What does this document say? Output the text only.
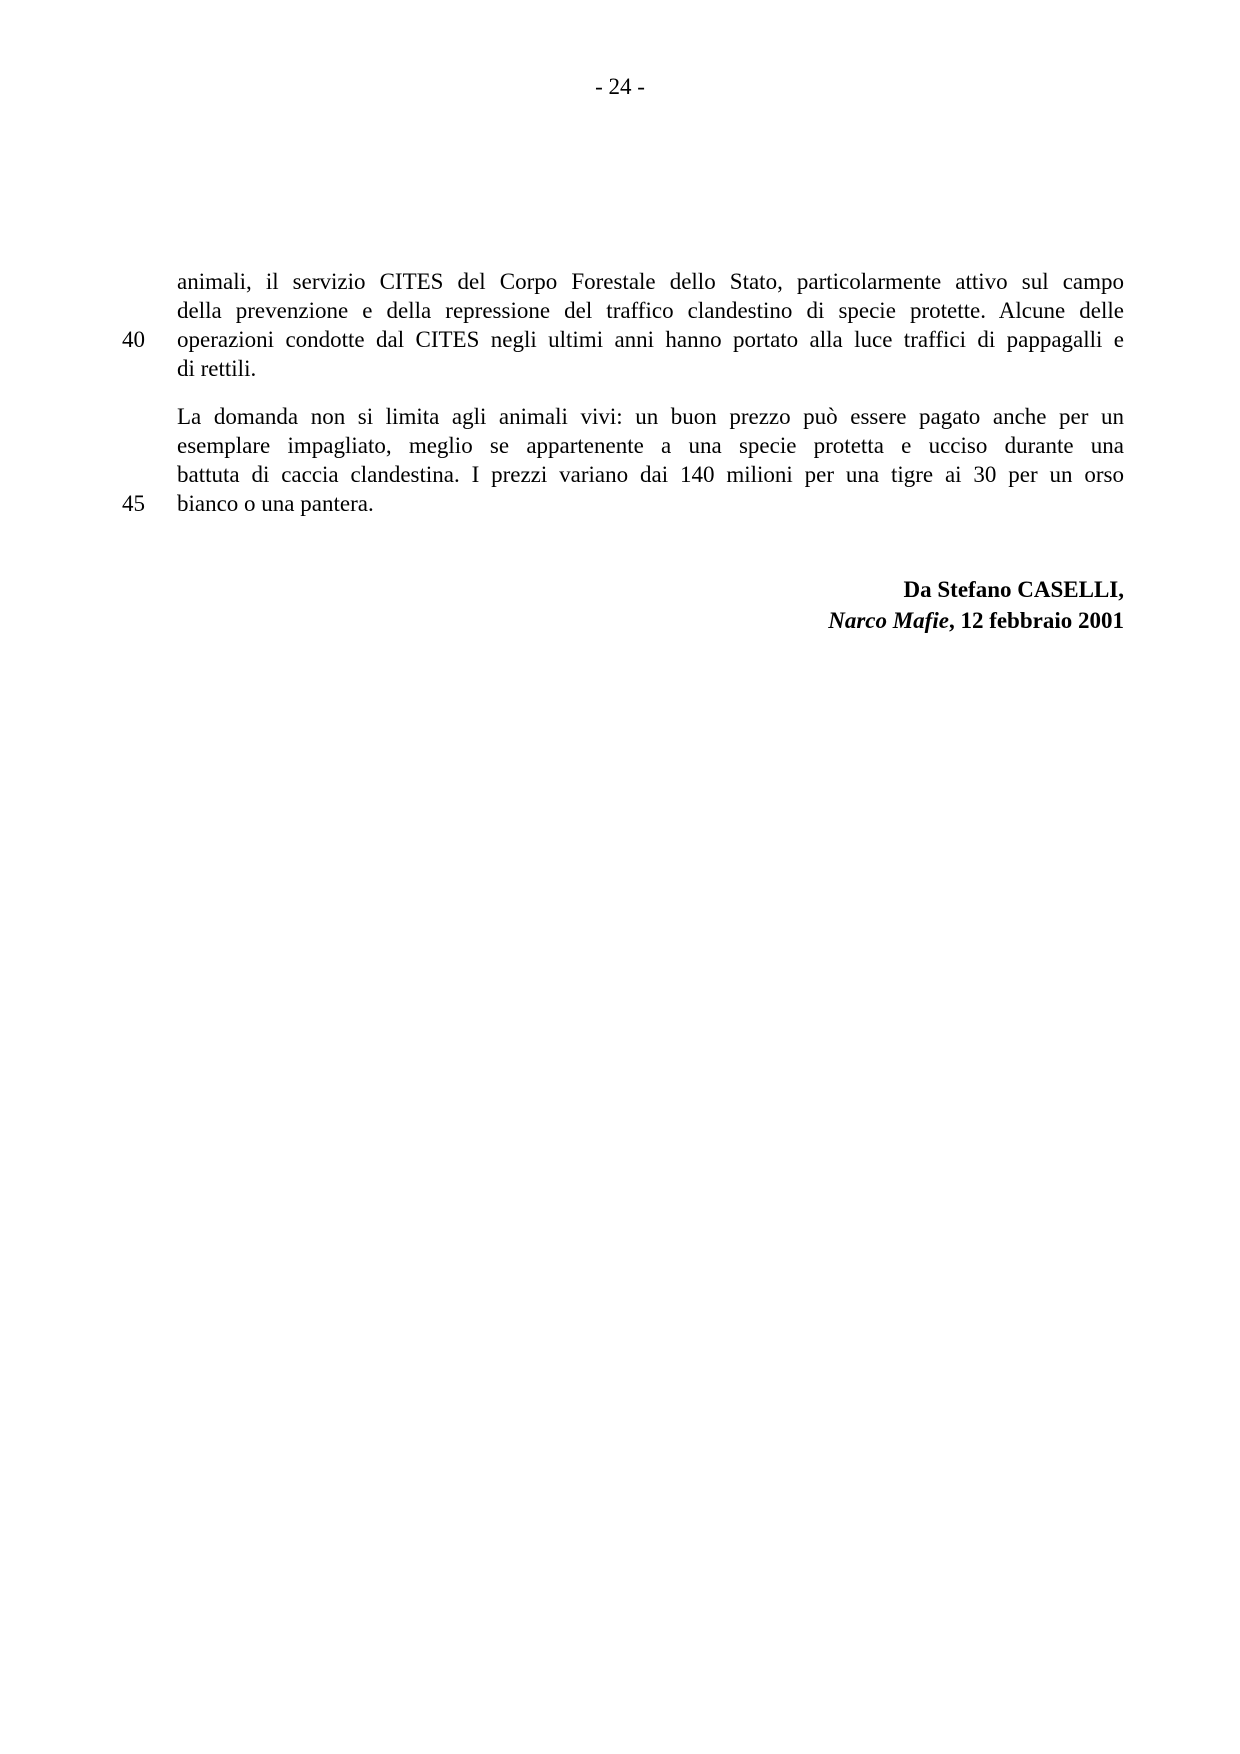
- 24 -
40
45
animali, il servizio CITES del Corpo Forestale dello Stato, particolarmente attivo sul campo
della prevenzione e della repressione del traffico clandestino di specie protette. Alcune delle
operazioni condotte dal CITES negli ultimi anni hanno portato alla luce traffici di pappagalli e
di rettili.
La domanda non si limita agli animali vivi: un buon prezzo può essere pagato anche per un
esemplare impagliato, meglio se appartenente a una specie protetta e ucciso durante una
battuta di caccia clandestina. I prezzi variano dai 140 milioni per una tigre ai 30 per un orso
bianco o una pantera.
Da Stefano CASELLI,
Narco Mafie, 12 febbraio 2001
